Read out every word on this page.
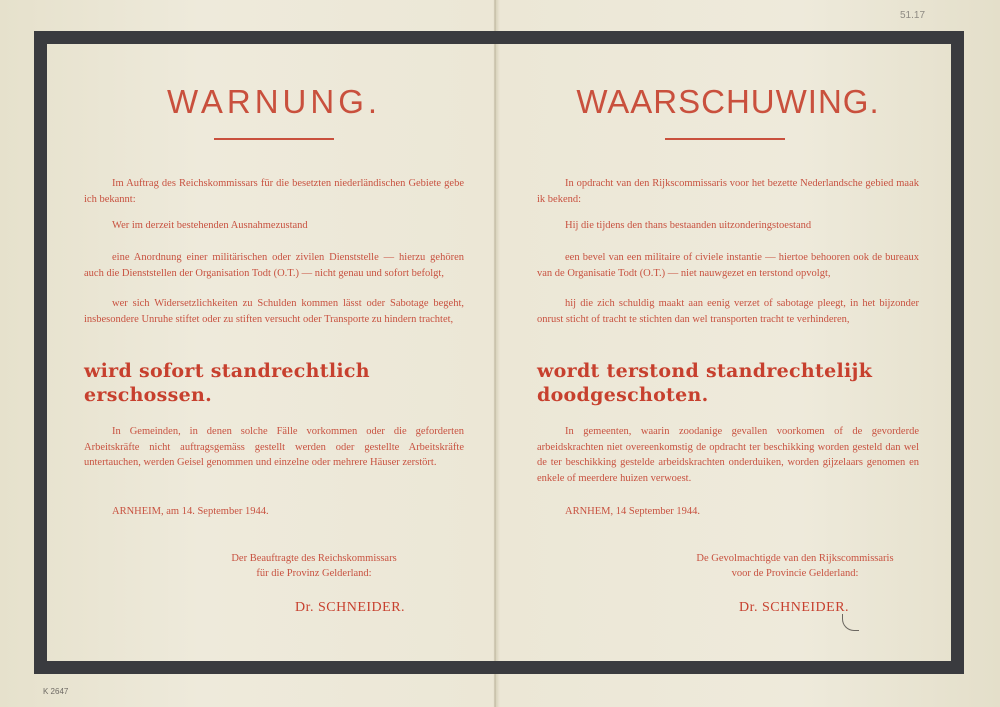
51.17
WARNUNG.

Im Auftrag des Reichskommissars für die besetzten niederländischen Gebiete gebe ich bekannt:

Wer im derzeit bestehenden Ausnahmezustand

eine Anordnung einer militärischen oder zivilen Dienststelle — hierzu gehören auch die Dienststellen der Organisation Todt (O.T.) — nicht genau und sofort befolgt,

wer sich Widersetzlichkeiten zu Schulden kommen lässt oder Sabotage begeht, insbesondere Unruhe stiftet oder zu stiften versucht oder Transporte zu hindern trachtet,

wird sofort standrechtlich erschossen.

In Gemeinden, in denen solche Fälle vorkommen oder die geforderten Arbeitskräfte nicht auftragsgemäss gestellt werden oder gestellte Arbeitskräfte untertauchen, werden Geisel genommen und einzelne oder mehrere Häuser zerstört.

ARNHEIM, am 14. September 1944.

Der Beauftragte des Reichskommissars
für die Provinz Gelderland:

Dr. SCHNEIDER.

WAARSCHUWING.

In opdracht van den Rijkscommissaris voor het bezette Nederlandsche gebied maak ik bekend:

Hij die tijdens den thans bestaanden uitzonderingstoestand

een bevel van een militaire of civiele instantie — hiertoe behooren ook de bureaux van de Organisatie Todt (O.T.) — niet nauwgezet en terstond opvolgt,

hij die zich schuldig maakt aan eenig verzet of sabotage pleegt, in het bijzonder onrust sticht of tracht te stichten dan wel transporten tracht te verhinderen,

wordt terstond standrechtelijk doodgeschoten.

In gemeenten, waarin zoodanige gevallen voorkomen of de gevorderde arbeidskrachten niet overeenkomstig de opdracht ter beschikking worden gesteld dan wel de ter beschikking gestelde arbeidskrachten onderduiken, worden gijzelaars genomen en enkele of meerdere huizen verwoest.

ARNHEM, 14 September 1944.

De Gevolmachtigde van den Rijkscommissaris
voor de Provincie Gelderland:

Dr. SCHNEIDER.

K 2647
